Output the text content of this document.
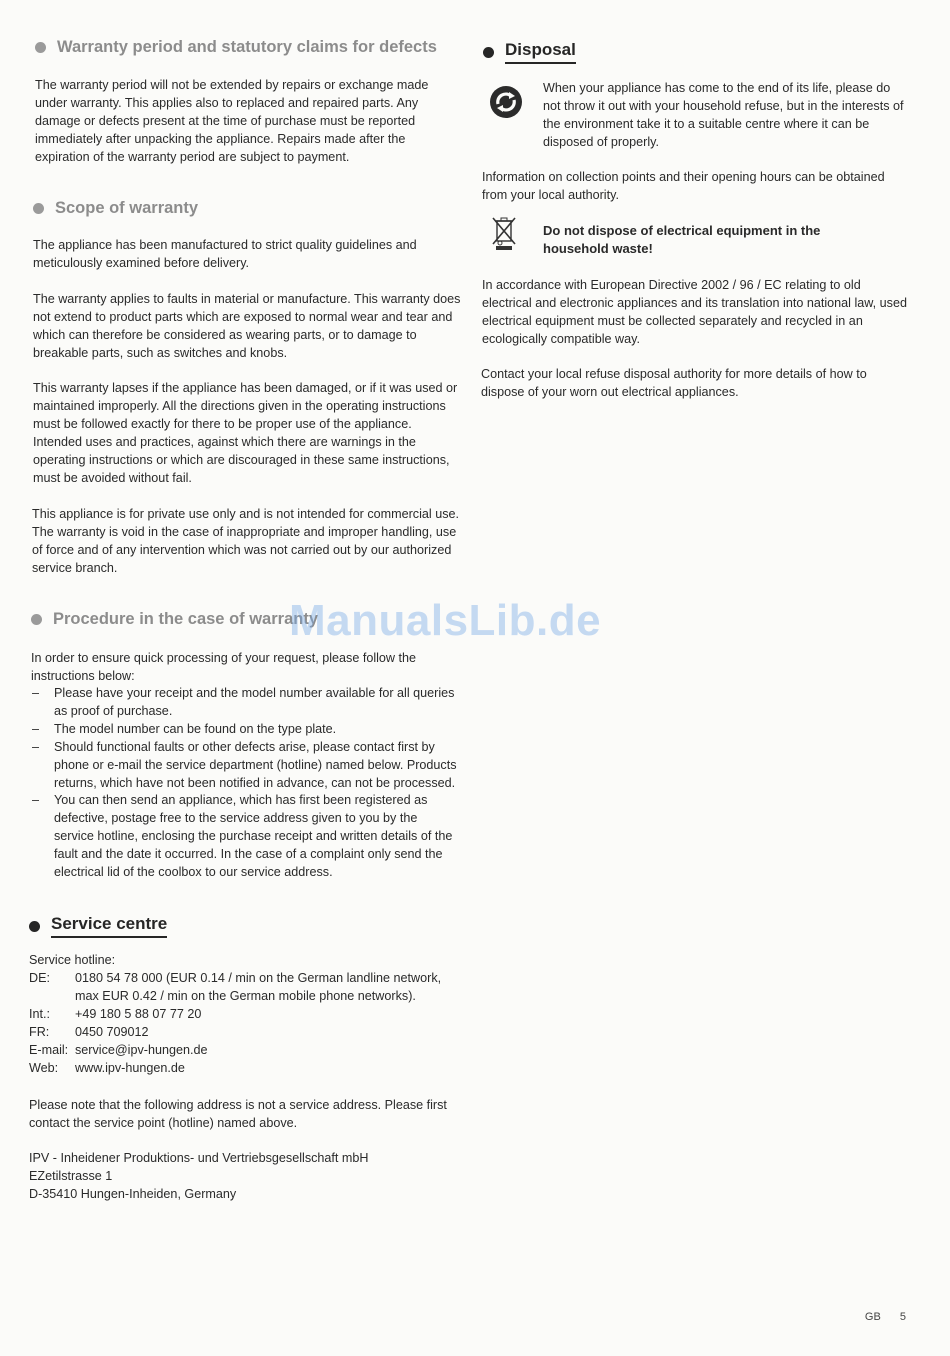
Warranty period and statutory claims for defects

The warranty period will not be extended by repairs or exchange made under warranty. This applies also to replaced and repaired parts. Any damage or defects present at the time of purchase must be reported immediately after unpacking the appliance. Repairs made after the expiration of the warranty period are subject to payment.

Scope of warranty

The appliance has been manufactured to strict quality guidelines and meticulously examined before delivery.

The warranty applies to faults in material or manufacture. This warranty does not extend to product parts which are exposed to normal wear and tear and which can therefore be considered as wearing parts, or to damage to breakable parts, such as switches and knobs.

This warranty lapses if the appliance has been damaged, or if it was used or maintained improperly. All the directions given in the operating instructions must be followed exactly for there to be proper use of the appliance. Intended uses and practices, against which there are warnings in the operating instructions or which are discouraged in these same instructions, must be avoided without fail.

This appliance is for private use only and is not intended for commercial use. The warranty is void in the case of inappropriate and improper handling, use of force and of any intervention which was not carried out by our authorized service branch.

Procedure in the case of warranty

In order to ensure quick processing of your request, please follow the instructions below:

– Please have your receipt and the model number available for all queries as proof of purchase.
– The model number can be found on the type plate.
– Should functional faults or other defects arise, please contact first by phone or e-mail the service department (hotline) named below. Products returns, which have not been notified in advance, can not be processed.
– You can then send an appliance, which has first been registered as defective, postage free to the service address given to you by the service hotline, enclosing the purchase receipt and written details of the fault and the date it occurred. In the case of a complaint only send the electrical lid of the coolbox to our service address.
Service centre

Service hotline:

DE:	0180 54 78 000 (EUR 0.14 / min on the German landline network, max EUR 0.42 / min on the German mobile phone networks).
Int.:	+49 180 5 88 07 77 20
FR:	0450 709012
E-mail:	service@ipv-hungen.de
Web:	www.ipv-hungen.de

Please note that the following address is not a service address. Please first contact the service point (hotline) named above.

IPV - Inheidener Produktions- und Vertriebsgesellschaft mbH
EZetilstrasse 1
D-35410 Hungen-Inheiden, Germany
Disposal

When your appliance has come to the end of its life, please do not throw it out with your household refuse, but in the interests of the environment take it to a suitable centre where it can be disposed of properly.

Information on collection points and their opening hours can be obtained from your local authority.

Do not dispose of electrical equipment in the household waste!

In accordance with European Directive 2002 / 96 / EC relating to old electrical and electronic appliances and its translation into national law, used electrical equipment must be collected separately and recycled in an ecologically compatible way.

Contact your local refuse disposal authority for more details of how to dispose of your worn out electrical appliances.

ManualsLib.de
GB 5
